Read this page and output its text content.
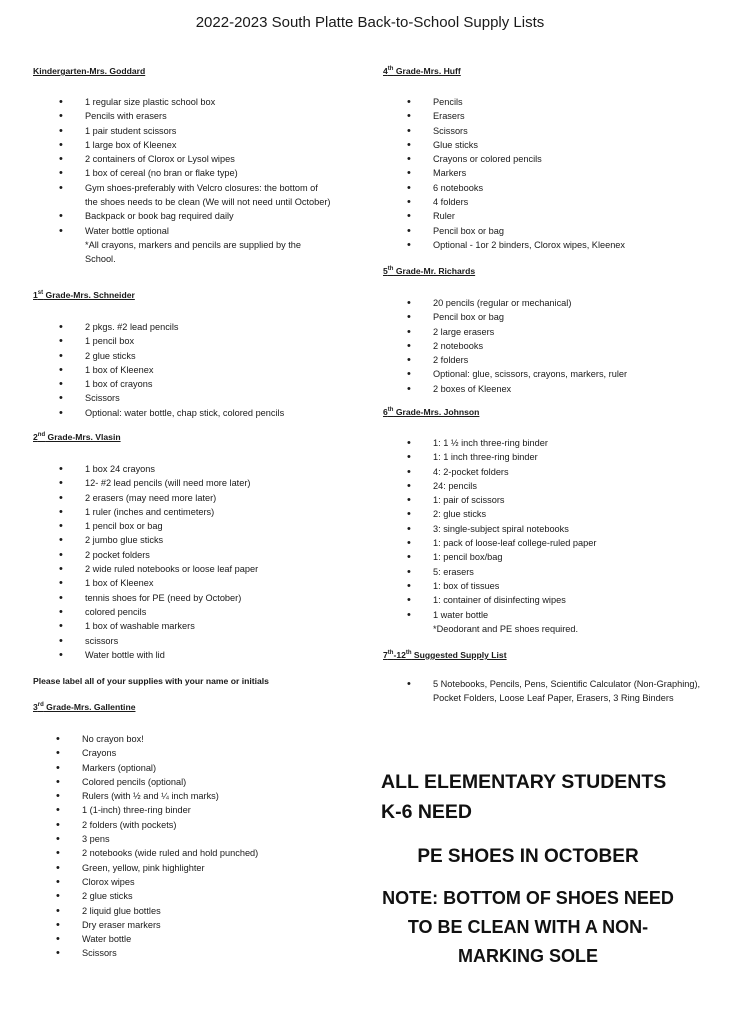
2022-2023 South Platte Back-to-School Supply Lists
Kindergarten-Mrs. Goddard
• 1 regular size plastic school box
• Pencils with erasers
• 1 pair student scissors
• 1 large box of Kleenex
• 2 containers of Clorox or Lysol wipes
• 1 box of cereal (no bran or flake type)
• Gym shoes-preferably with Velcro closures: the bottom of the shoes needs to be clean (We will not need until October)
• Backpack or book bag required daily
• Water bottle optional
*All crayons, markers and pencils are supplied by the School.
1st Grade-Mrs. Schneider
• 2 pkgs. #2 lead pencils
• 1 pencil box
• 2 glue sticks
• 1 box of Kleenex
• 1 box of crayons
• Scissors
• Optional: water bottle, chap stick, colored pencils
2nd Grade-Mrs. Vlasin
• 1 box 24 crayons
• 12- #2 lead pencils (will need more later)
• 2 erasers (may need more later)
• 1 ruler (inches and centimeters)
• 1 pencil box or bag
• 2 jumbo glue sticks
• 2 pocket folders
• 2 wide ruled notebooks or loose leaf paper
• 1 box of Kleenex
• tennis shoes for PE (need by October)
• colored pencils
• 1 box of washable markers
• scissors
• Water bottle with lid
Please label all of your supplies with your name or initials
3rd Grade-Mrs. Gallentine
• No crayon box!
• Crayons
• Markers (optional)
• Colored pencils (optional)
• Rulers (with ½ and ¼ inch marks)
• 1 (1-inch) three-ring binder
• 2 folders (with pockets)
• 3 pens
• 2 notebooks (wide ruled and hold punched)
• Green, yellow, pink highlighter
• Clorox wipes
• 2 glue sticks
• 2 liquid glue bottles
• Dry eraser markers
• Water bottle
• Scissors
4th Grade-Mrs. Huff
• Pencils
• Erasers
• Scissors
• Glue sticks
• Crayons or colored pencils
• Markers
• 6 notebooks
• 4 folders
• Ruler
• Pencil box or bag
• Optional - 1or 2 binders, Clorox wipes, Kleenex
5th Grade-Mr. Richards
• 20 pencils (regular or mechanical)
• Pencil box or bag
• 2 large erasers
• 2 notebooks
• 2 folders
• Optional: glue, scissors, crayons, markers, ruler
• 2 boxes of Kleenex
6th Grade-Mrs. Johnson
• 1: 1 ½ inch three-ring binder
• 1: 1 inch three-ring binder
• 4: 2-pocket folders
• 24: pencils
• 1: pair of scissors
• 2: glue sticks
• 3: single-subject spiral notebooks
• 1: pack of loose-leaf college-ruled paper
• 1: pencil box/bag
• 5: erasers
• 1: box of tissues
• 1: container of disinfecting wipes
• 1 water bottle
*Deodorant and PE shoes required.
7th-12th Suggested Supply List
• 5 Notebooks, Pencils, Pens, Scientific Calculator (Non-Graphing), Pocket Folders, Loose Leaf Paper, Erasers, 3 Ring Binders
ALL ELEMENTARY STUDENTS
K-6 NEED
PE SHOES IN OCTOBER
NOTE: BOTTOM OF SHOES NEED
TO BE CLEAN WITH A NON-
MARKING SOLE
